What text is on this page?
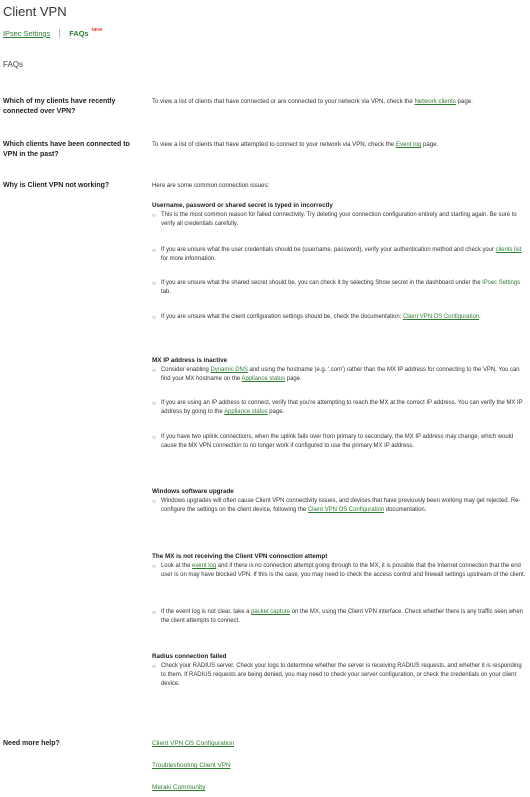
Client VPN
IPsec Settings	FAQs NEW
FAQs
Which of my clients have recently connected over VPN?
To view a list of clients that have connected or are connected to your network via VPN, check the Network clients page.
Which clients have been connected to VPN in the past?
To view a list of clients that have attempted to connect to your network via VPN, check the Event log page.
Why is Client VPN not working?	Here are some common connection issues:
Username, password or shared secret is typed in incorrectly
○ This is the most common reason for failed connectivity. Try deleting your connection configuration entirely and starting again. Be sure to verify all credentials carefully.
○ If you are unsure what the user credentials should be (username, password), verify your authentication method and check your clients list for more information.
○ If you are unsure what the shared secret should be, you can check it by selecting Show secret in the dashboard under the IPsec Settings tab.
○ If you are unsure what the client configuration settings should be, check the documentation: Client VPN OS Configuration.
MX IP address is inactive
○ Consider enabling Dynamic DNS and using the hostname (e.g. '.com') rather than the MX IP address for connecting to the VPN. You can find your MX hostname on the Appliance status page.
○ If you are using an IP address to connect, verify that you're attempting to reach the MX at the correct IP address. You can verify the MX IP address by going to the Appliance status page.
○ If you have two uplink connections, when the uplink fails over from primary to secondary, the MX IP address may change, which would cause the MX VPN connection to no longer work if configured to use the primary MX IP address.
Windows software upgrade
○ Windows upgrades will often cause Client VPN connectivity issues, and devices that have previously been working may get rejected. Re-configure the settings on the client device, following the Client VPN OS Configuration documentation.
The MX is not receiving the Client VPN connection attempt
○ Look at the event log and if there is no connection attempt going through to the MX, it is possible that the Internet connection that the end user is on may have blocked VPN. If this is the case, you may need to check the access control and firewall settings upstream of the client.
○ If the event log is not clear, take a packet capture on the MX, using the Client VPN interface. Check whether there is any traffic seen when the client attempts to connect.
Radius connection failed
○ Check your RADIUS server. Check your logs to determine whether the server is receiving RADIUS requests, and whether it is responding to them. If RADIUS requests are being denied, you may need to check your server configuration, or check the credentials on your client device.
Need more help?	Client VPN OS Configuration
Troubleshooting Client VPN
Meraki Community
